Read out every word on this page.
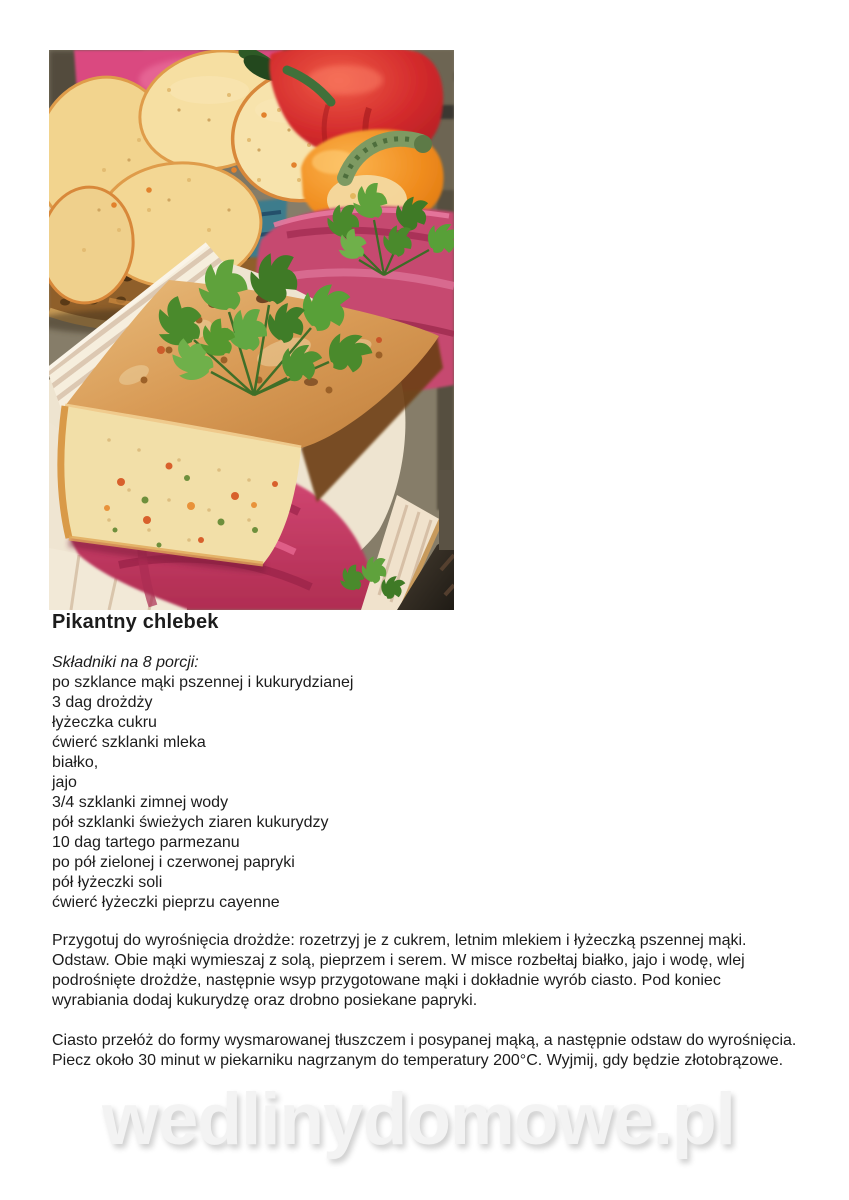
Pikantny chlebek
Składniki na 8 porcji:
po szklance mąki pszennej i kukurydzianej
3 dag drożdży
łyżeczka cukru
ćwierć szklanki mleka
białko,
jajo
3/4 szklanki zimnej wody
pół szklanki świeżych ziaren kukurydzy
10 dag tartego parmezanu
po pół zielonej i czerwonej papryki
pół łyżeczki soli
ćwierć łyżeczki pieprzu cayenne

Przygotuj do wyrośnięcia drożdże: rozetrzyj je z cukrem, letnim mlekiem i łyżeczką pszennej mąki. Odstaw. Obie mąki wymieszaj z solą, pieprzem i serem. W misce rozbełtaj białko, jajo i wodę, wlej podrośnięte drożdże, następnie wsyp przygotowane mąki i dokładnie wyrób ciasto. Pod koniec wyrabiania dodaj kukurydzę oraz drobno posiekane papryki.

Ciasto przełóż do formy wysmarowanej tłuszczem i posypanej mąką, a następnie odstaw do wyrośnięcia. Piecz około 30 minut w piekarniku nagrzanym do temperatury 200°C. Wyjmij, gdy będzie złotobrązowe.

wedlinydomowe.pl
